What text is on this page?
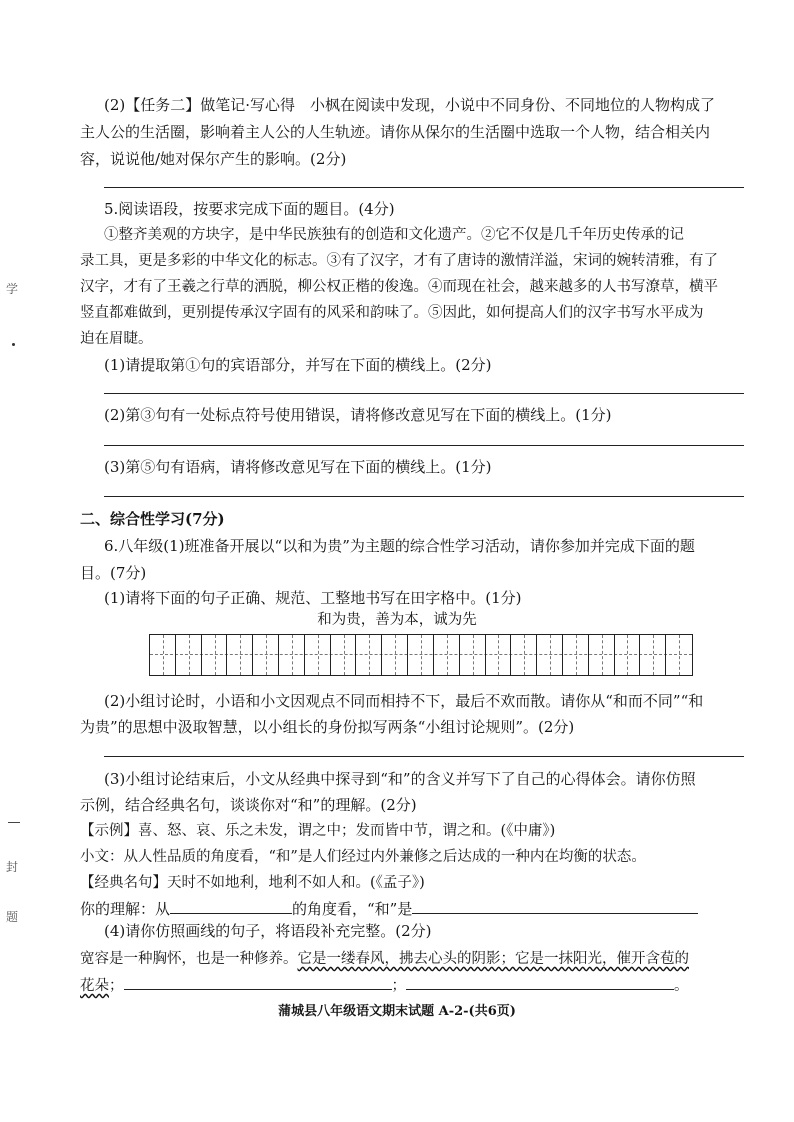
(2)【任务二】做笔记·写心得　小枫在阅读中发现，小说中不同身份、不同地位的人物构成了
主人公的生活圈，影响着主人公的人生轨迹。请你从保尔的生活圈中选取一个人物，结合相关内
容，说说他/她对保尔产生的影响。(2分)
5.阅读语段，按要求完成下面的题目。(4分)
①整齐美观的方块字，是中华民族独有的创造和文化遗产。②它不仅是几千年历史传承的记
录工具，更是多彩的中华文化的标志。③有了汉字，才有了唐诗的激情洋溢，宋词的婉转清雅，有了
汉字，才有了王羲之行草的洒脱，柳公权正楷的俊逸。④而现在社会，越来越多的人书写潦草，横平
竖直都难做到，更别提传承汉字固有的风采和韵味了。⑤因此，如何提高人们的汉字书写水平成为
迫在眉睫。
(1)请提取第①句的宾语部分，并写在下面的横线上。(2分)
(2)第③句有一处标点符号使用错误，请将修改意见写在下面的横线上。(1分)
(3)第⑤句有语病，请将修改意见写在下面的横线上。(1分)
二、综合性学习(7分)
6.八年级(1)班准备开展以“以和为贵”为主题的综合性学习活动，请你参加并完成下面的题
目。(7分)
(1)请将下面的句子正确、规范、工整地书写在田字格中。(1分)
和为贵，善为本，诚为先
(2)小组讨论时，小语和小文因观点不同而相持不下，最后不欢而散。请你从“和而不同”“和
为贵”的思想中汲取智慧，以小组长的身份拟写两条“小组讨论规则”。(2分)
(3)小组讨论结束后，小文从经典中探寻到“和”的含义并写下了自己的心得体会。请你仿照
示例，结合经典名句，谈谈你对“和”的理解。(2分)
【示例】喜、怒、哀、乐之未发，谓之中；发而皆中节，谓之和。(《中庸》)
小文：从人性品质的角度看，“和”是人们经过内外兼修之后达成的一种内在均衡的状态。
【经典名句】天时不如地利，地利不如人和。(《孟子》)
你的理解：从	的角度看，“和”是
(4)请你仿照画线的句子，将语段补充完整。(2分)
宽容是一种胸怀，也是一种修养。它是一缕春风，拂去心头的阴影；它是一抹阳光，催开含苞的
花朵；	；	。
蒲城县八年级语文期末试题 A-2-(共6页)
学
封
题
